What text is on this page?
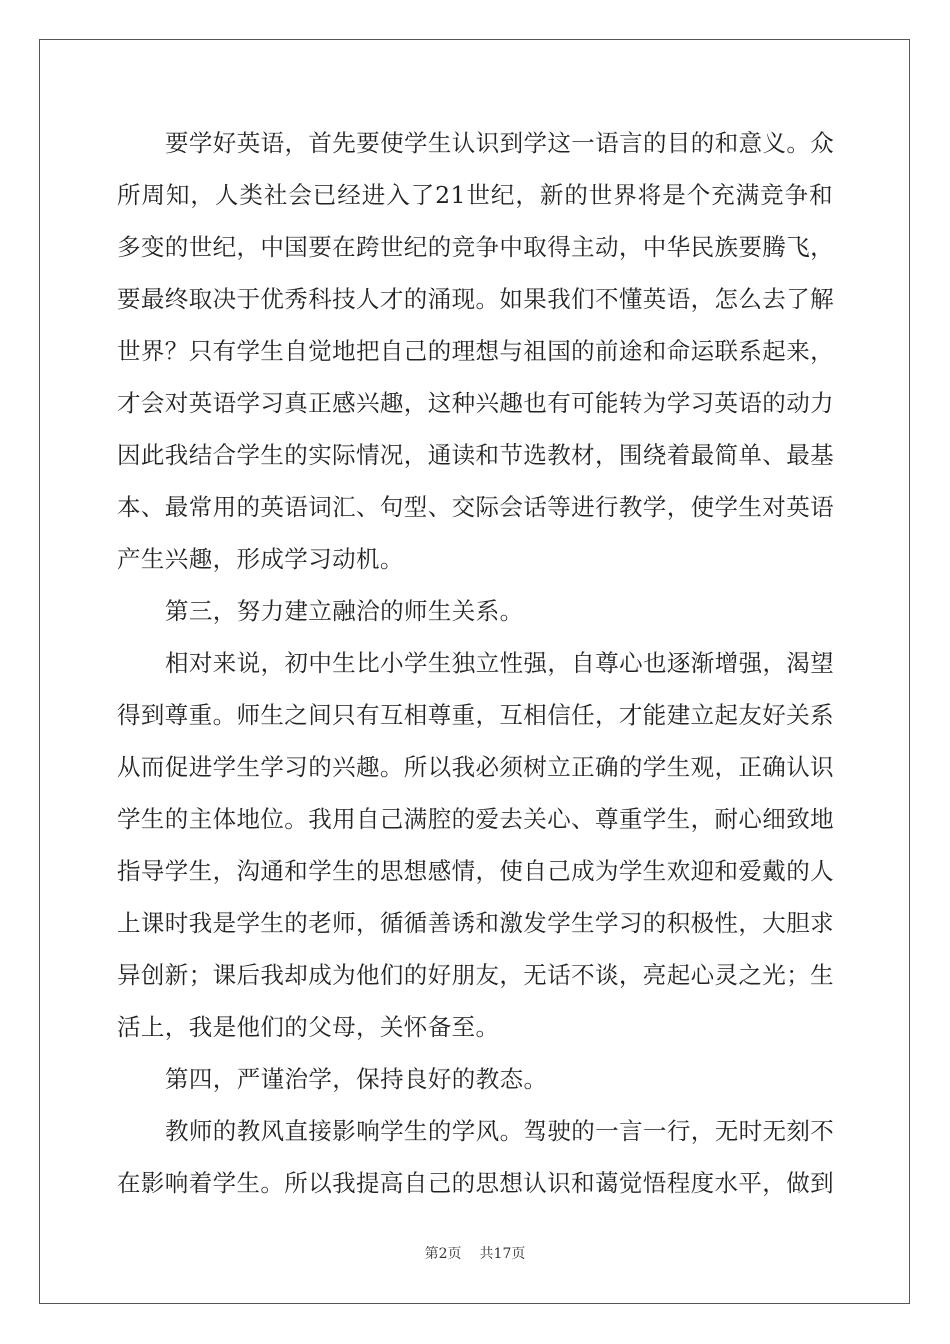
要学好英语，首先要使学生认识到学这一语言的目的和意义。众
所周知，人类社会已经进入了21世纪，新的世界将是个充满竞争和
多变的世纪，中国要在跨世纪的竞争中取得主动，中华民族要腾飞，
要最终取决于优秀科技人才的涌现。如果我们不懂英语，怎么去了解
世界？只有学生自觉地把自己的理想与祖国的前途和命运联系起来，
才会对英语学习真正感兴趣，这种兴趣也有可能转为学习英语的动力
因此我结合学生的实际情况，通读和节选教材，围绕着最简单、最基
本、最常用的英语词汇、句型、交际会话等进行教学，使学生对英语
产生兴趣，形成学习动机。
第三，努力建立融洽的师生关系。
相对来说，初中生比小学生独立性强，自尊心也逐渐增强，渴望
得到尊重。师生之间只有互相尊重，互相信任，才能建立起友好关系
从而促进学生学习的兴趣。所以我必须树立正确的学生观，正确认识
学生的主体地位。我用自己满腔的爱去关心、尊重学生，耐心细致地
指导学生，沟通和学生的思想感情，使自己成为学生欢迎和爱戴的人
上课时我是学生的老师，循循善诱和激发学生学习的积极性，大胆求
异创新；课后我却成为他们的好朋友，无话不谈，亮起心灵之光；生
活上，我是他们的父母，关怀备至。
第四，严谨治学，保持良好的教态。
教师的教风直接影响学生的学风。驾驶的一言一行，无时无刻不
在影响着学生。所以我提高自己的思想认识和蔼觉悟程度水平，做到
第2页 共17页
